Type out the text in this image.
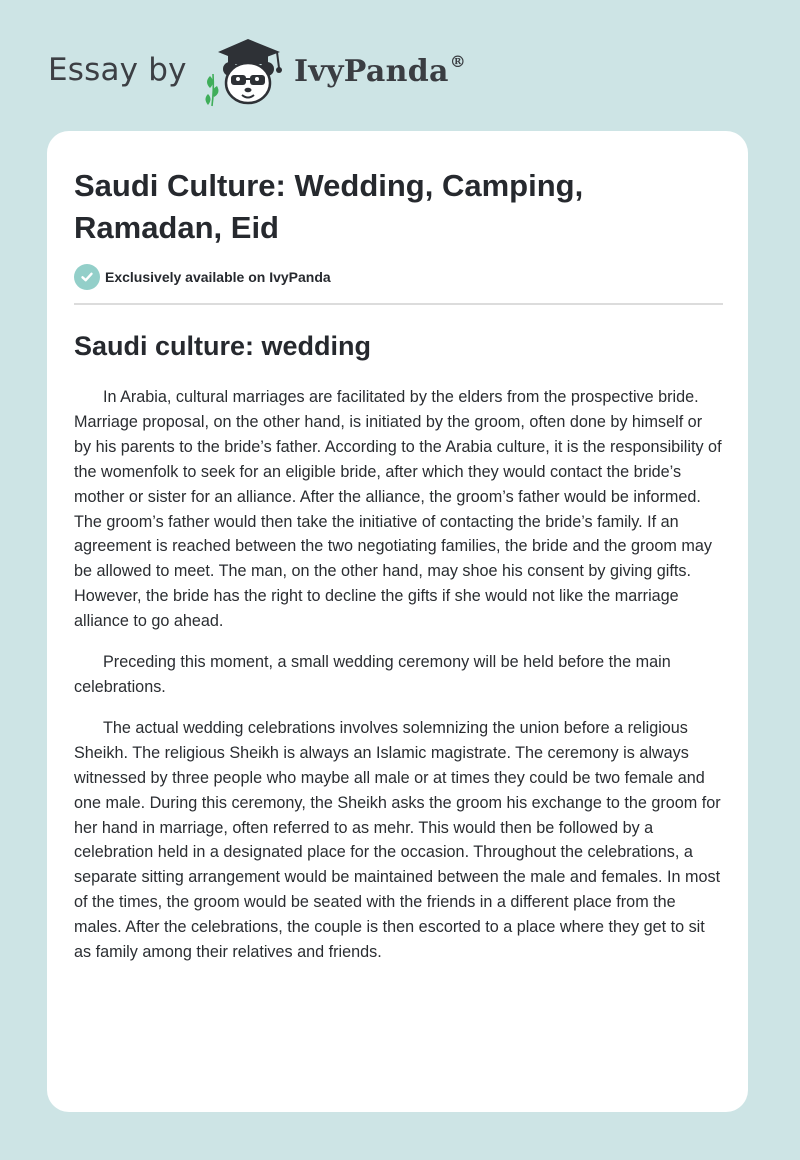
Essay by	IvyPanda®
Saudi Culture: Wedding, Camping, Ramadan, Eid
Exclusively available on IvyPanda
Saudi culture: wedding

In Arabia, cultural marriages are facilitated by the elders from the prospective bride. Marriage proposal, on the other hand, is initiated by the groom, often done by himself or by his parents to the bride’s father. According to the Arabia culture, it is the responsibility of the womenfolk to seek for an eligible bride, after which they would contact the bride’s mother or sister for an alliance. After the alliance, the groom’s father would be informed. The groom’s father would then take the initiative of contacting the bride’s family. If an agreement is reached between the two negotiating families, the bride and the groom may be allowed to meet. The man, on the other hand, may shoe his consent by giving gifts. However, the bride has the right to decline the gifts if she would not like the marriage alliance to go ahead.

Preceding this moment, a small wedding ceremony will be held before the main celebrations.

The actual wedding celebrations involves solemnizing the union before a religious Sheikh. The religious Sheikh is always an Islamic magistrate. The ceremony is always witnessed by three people who maybe all male or at times they could be two female and one male. During this ceremony, the Sheikh asks the groom his exchange to the groom for her hand in marriage, often referred to as mehr. This would then be followed by a celebration held in a designated place for the occasion. Throughout the celebrations, a separate sitting arrangement would be maintained between the male and females. In most of the times, the groom would be seated with the friends in a different place from the males. After the celebrations, the couple is then escorted to a place where they get to sit as family among their relatives and friends.
